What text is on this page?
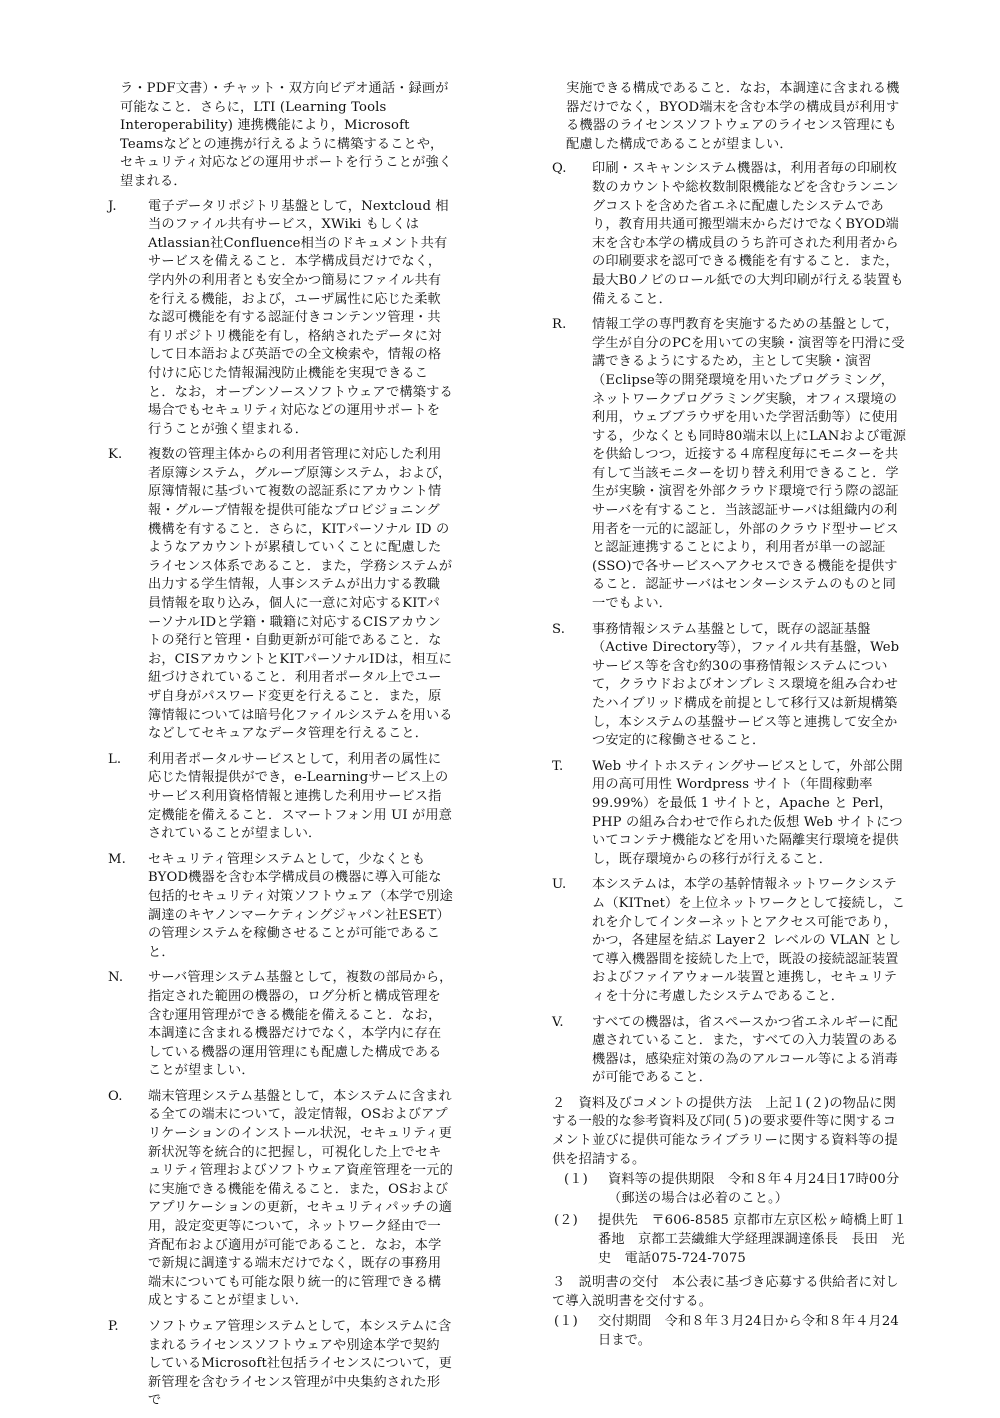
ラ・PDF文書）・チャット・双方向ビデオ通話・録画が可能なこと．さらに，LTI (Learning Tools Interoperability) 連携機能により，Microsoft Teamsなどとの連携が行えるように構築することや，セキュリティ対応などの運用サポートを行うことが強く望まれる．

J.	電子データリポジトリ基盤として，Nextcloud 相当のファイル共有サービス，XWiki もしくはAtlassian社Confluence相当のドキュメント共有サービスを備えること．本学構成員だけでなく，学内外の利用者とも安全かつ簡易にファイル共有を行える機能，および，ユーザ属性に応じた柔軟な認可機能を有する認証付きコンテンツ管理・共有リポジトリ機能を有し，格納されたデータに対して日本語および英語での全文検索や，情報の格付けに応じた情報漏洩防止機能を実現できること．なお，オープンソースソフトウェアで構築する場合でもセキュリティ対応などの運用サポートを行うことが強く望まれる．
K.	複数の管理主体からの利用者管理に対応した利用者原簿システム，グループ原簿システム，および，原簿情報に基づいて複数の認証系にアカウント情報・グループ情報を提供可能なプロビジョニング機構を有すること．さらに，KITパーソナル ID のようなアカウントが累積していくことに配慮したライセンス体系であること．また，学務システムが出力する学生情報，人事システムが出力する教職員情報を取り込み，個人に一意に対応するKITパーソナルIDと学籍・職籍に対応するCISアカウントの発行と管理・自動更新が可能であること．なお，CISアカウントとKITパーソナルIDは，相互に紐づけされていること．利用者ポータル上でユーザ自身がパスワード変更を行えること．また，原簿情報については暗号化ファイルシステムを用いるなどしてセキュアなデータ管理を行えること．
L.	利用者ポータルサービスとして，利用者の属性に応じた情報提供ができ，e-Learningサービス上のサービス利用資格情報と連携した利用サービス指定機能を備えること．スマートフォン用 UI が用意されていることが望ましい．
M.	セキュリティ管理システムとして，少なくともBYOD機器を含む本学構成員の機器に導入可能な包括的セキュリティ対策ソフトウェア（本学で別途調達のキヤノンマーケティングジャパン社ESET）の管理システムを稼働させることが可能であること．
N.	サーバ管理システム基盤として，複数の部局から，指定された範囲の機器の，ログ分析と構成管理を含む運用管理ができる機能を備えること．なお，本調達に含まれる機器だけでなく，本学内に存在している機器の運用管理にも配慮した構成であることが望ましい．
O.	端末管理システム基盤として，本システムに含まれる全ての端末について，設定情報，OSおよびアプリケーションのインストール状況，セキュリティ更新状況等を統合的に把握し，可視化した上でセキュリティ管理およびソフトウェア資産管理を一元的に実施できる機能を備えること．また，OSおよびアプリケーションの更新，セキュリティパッチの適用，設定変更等について，ネットワーク経由で一斉配布および適用が可能であること．なお，本学で新規に調達する端末だけでなく，既存の事務用端末についても可能な限り統一的に管理できる構成とすることが望ましい．
P.	ソフトウェア管理システムとして，本システムに含まれるライセンスソフトウェアや別途本学で契約しているMicrosoft社包括ライセンスについて，更新管理を含むライセンス管理が中央集約された形で

実施できる構成であること．なお，本調達に含まれる機器だけでなく，BYOD端末を含む本学の構成員が利用する機器のライセンスソフトウェアのライセンス管理にも配慮した構成であることが望ましい．

Q.	印刷・スキャンシステム機器は，利用者毎の印刷枚数のカウントや総枚数制限機能などを含むランニングコストを含めた省エネに配慮したシステムであり，教育用共通可搬型端末からだけでなくBYOD端末を含む本学の構成員のうち許可された利用者からの印刷要求を認可できる機能を有すること．また，最大B0ノビのロール紙での大判印刷が行える装置も備えること．
R.	情報工学の専門教育を実施するための基盤として，学生が自分のPCを用いての実験・演習等を円滑に受講できるようにするため，主として実験・演習（Eclipse等の開発環境を用いたプログラミング，ネットワークプログラミング実験，オフィス環境の利用，ウェブブラウザを用いた学習活動等）に使用する，少なくとも同時80端末以上にLANおよび電源を供給しつつ，近接する４席程度毎にモニターを共有して当該モニターを切り替え利用できること．学生が実験・演習を外部クラウド環境で行う際の認証サーバを有すること．当該認証サーバは組織内の利用者を一元的に認証し，外部のクラウド型サービスと認証連携することにより，利用者が単一の認証(SSO)で各サービスへアクセスできる機能を提供すること．認証サーバはセンターシステムのものと同一でもよい．
S.	事務情報システム基盤として，既存の認証基盤（Active Directory等），ファイル共有基盤，Web サービス等を含む約30の事務情報システムについて，クラウドおよびオンプレミス環境を組み合わせたハイブリッド構成を前提として移行又は新規構築し，本システムの基盤サービス等と連携して安全かつ安定的に稼働させること．
T.	Web サイトホスティングサービスとして，外部公開用の高可用性 Wordpress サイト（年間稼動率 99.99%）を最低 1 サイトと，Apache と Perl，PHP の組み合わせで作られた仮想 Web サイトについてコンテナ機能などを用いた隔離実行環境を提供し，既存環境からの移行が行えること．
U.	本システムは，本学の基幹情報ネットワークシステム（KITnet）を上位ネットワークとして接続し，これを介してインターネットとアクセス可能であり，かつ，各建屋を結ぶ Layer２ レベルの VLAN として導入機器間を接続した上で，既設の接続認証装置およびファイアウォール装置と連携し，セキュリティを十分に考慮したシステムであること．
V.	すべての機器は，省スペースかつ省エネルギーに配慮されていること．また，すべての入力装置のある機器は，感染症対策の為のアルコール等による消毒が可能であること．

２　資料及びコメントの提供方法　上記１(２)の物品に関する一般的な参考資料及び同(５)の要求要件等に関するコメント並びに提供可能なライブラリーに関する資料等の提供を招請する。

(１)	資料等の提供期限　令和８年４月24日17時00分（郵送の場合は必着のこと。）
(２)	提供先　〒606-8585 京都市左京区松ヶ崎橋上町１番地　京都工芸繊維大学経理課調達係長　長田　光史　電話075-724-7075

３　説明書の交付　本公表に基づき応募する供給者に対して導入説明書を交付する。

(１)	交付期間　令和８年３月24日から令和８年４月24日まで。
